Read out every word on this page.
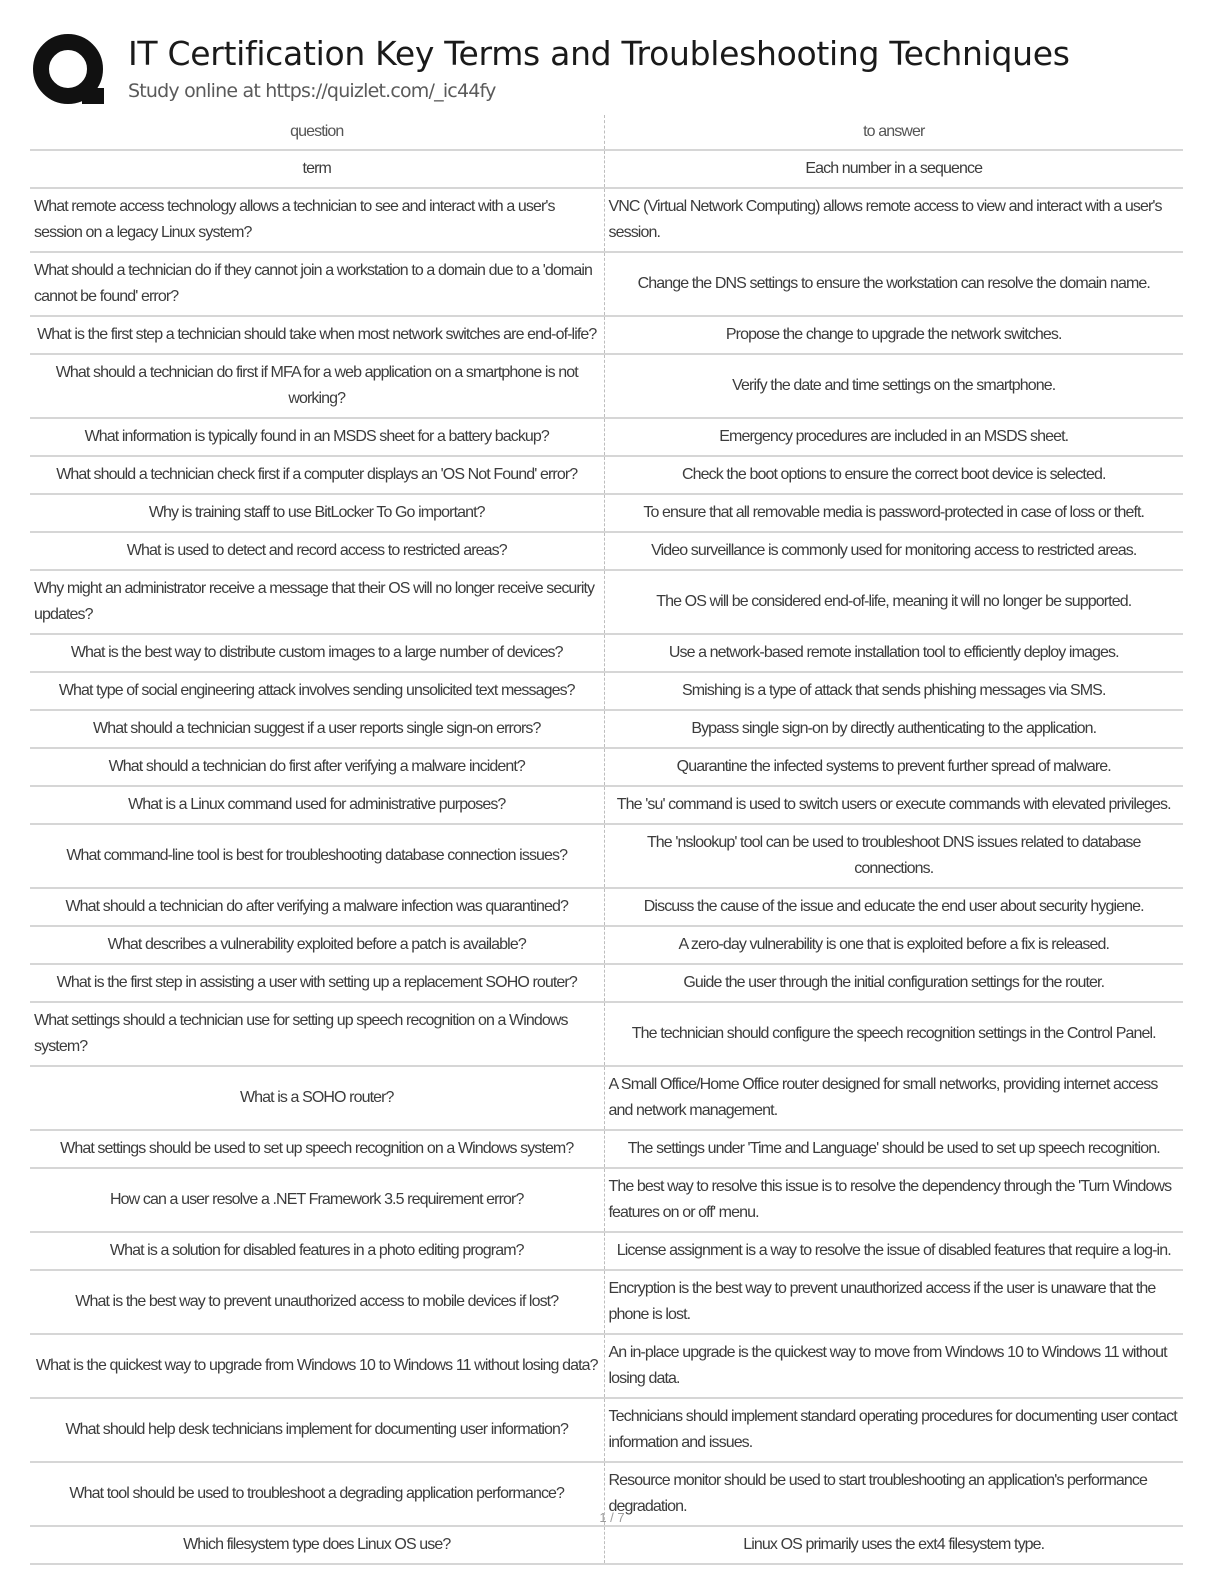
IT Certification Key Terms and Troubleshooting Techniques
Study online at https://quizlet.com/_ic44fy
question	to answer
term	Each number in a sequence
What remote access technology allows a technician to see and interact with a user's session on a legacy Linux system?	VNC (Virtual Network Computing) allows remote access to view and interact with a user's session.
What should a technician do if they cannot join a workstation to a domain due to a 'domain cannot be found' error?	Change the DNS settings to ensure the workstation can resolve the domain name.
What is the first step a technician should take when most network switches are end-of-life?	Propose the change to upgrade the network switches.
What should a technician do first if MFA for a web application on a smartphone is not working?	Verify the date and time settings on the smartphone.
What information is typically found in an MSDS sheet for a battery backup?	Emergency procedures are included in an MSDS sheet.
What should a technician check first if a computer displays an 'OS Not Found' error?	Check the boot options to ensure the correct boot device is selected.
Why is training staff to use BitLocker To Go important?	To ensure that all removable media is password-protected in case of loss or theft.
What is used to detect and record access to restricted areas?	Video surveillance is commonly used for monitoring access to restricted areas.
Why might an administrator receive a message that their OS will no longer receive security updates?	The OS will be considered end-of-life, meaning it will no longer be supported.
What is the best way to distribute custom images to a large number of devices?	Use a network-based remote installation tool to efficiently deploy images.
What type of social engineering attack involves sending unsolicited text messages?	Smishing is a type of attack that sends phishing messages via SMS.
What should a technician suggest if a user reports single sign-on errors?	Bypass single sign-on by directly authenticating to the application.
What should a technician do first after verifying a malware incident?	Quarantine the infected systems to prevent further spread of malware.
What is a Linux command used for administrative purposes?	The 'su' command is used to switch users or execute commands with elevated privileges.
What command-line tool is best for troubleshooting database connection issues?	The 'nslookup' tool can be used to troubleshoot DNS issues related to database connections.
What should a technician do after verifying a malware infection was quarantined?	Discuss the cause of the issue and educate the end user about security hygiene.
What describes a vulnerability exploited before a patch is available?	A zero-day vulnerability is one that is exploited before a fix is released.
What is the first step in assisting a user with setting up a replacement SOHO router?	Guide the user through the initial configuration settings for the router.
What settings should a technician use for setting up speech recognition on a Windows system?	The technician should configure the speech recognition settings in the Control Panel.
What is a SOHO router?	A Small Office/Home Office router designed for small networks, providing internet access and network management.
What settings should be used to set up speech recognition on a Windows system?	The settings under 'Time and Language' should be used to set up speech recognition.
How can a user resolve a .NET Framework 3.5 requirement error?	The best way to resolve this issue is to resolve the dependency through the 'Turn Windows features on or off' menu.
What is a solution for disabled features in a photo editing program?	License assignment is a way to resolve the issue of disabled features that require a log-in.
What is the best way to prevent unauthorized access to mobile devices if lost?	Encryption is the best way to prevent unauthorized access if the user is unaware that the phone is lost.
What is the quickest way to upgrade from Windows 10 to Windows 11 without losing data?	An in-place upgrade is the quickest way to move from Windows 10 to Windows 11 without losing data.
What should help desk technicians implement for documenting user information?	Technicians should implement standard operating procedures for documenting user contact information and issues.
What tool should be used to troubleshoot a degrading application performance?	Resource monitor should be used to start troubleshooting an application's performance degradation.
Which filesystem type does Linux OS use?	Linux OS primarily uses the ext4 filesystem type.
1 / 7
